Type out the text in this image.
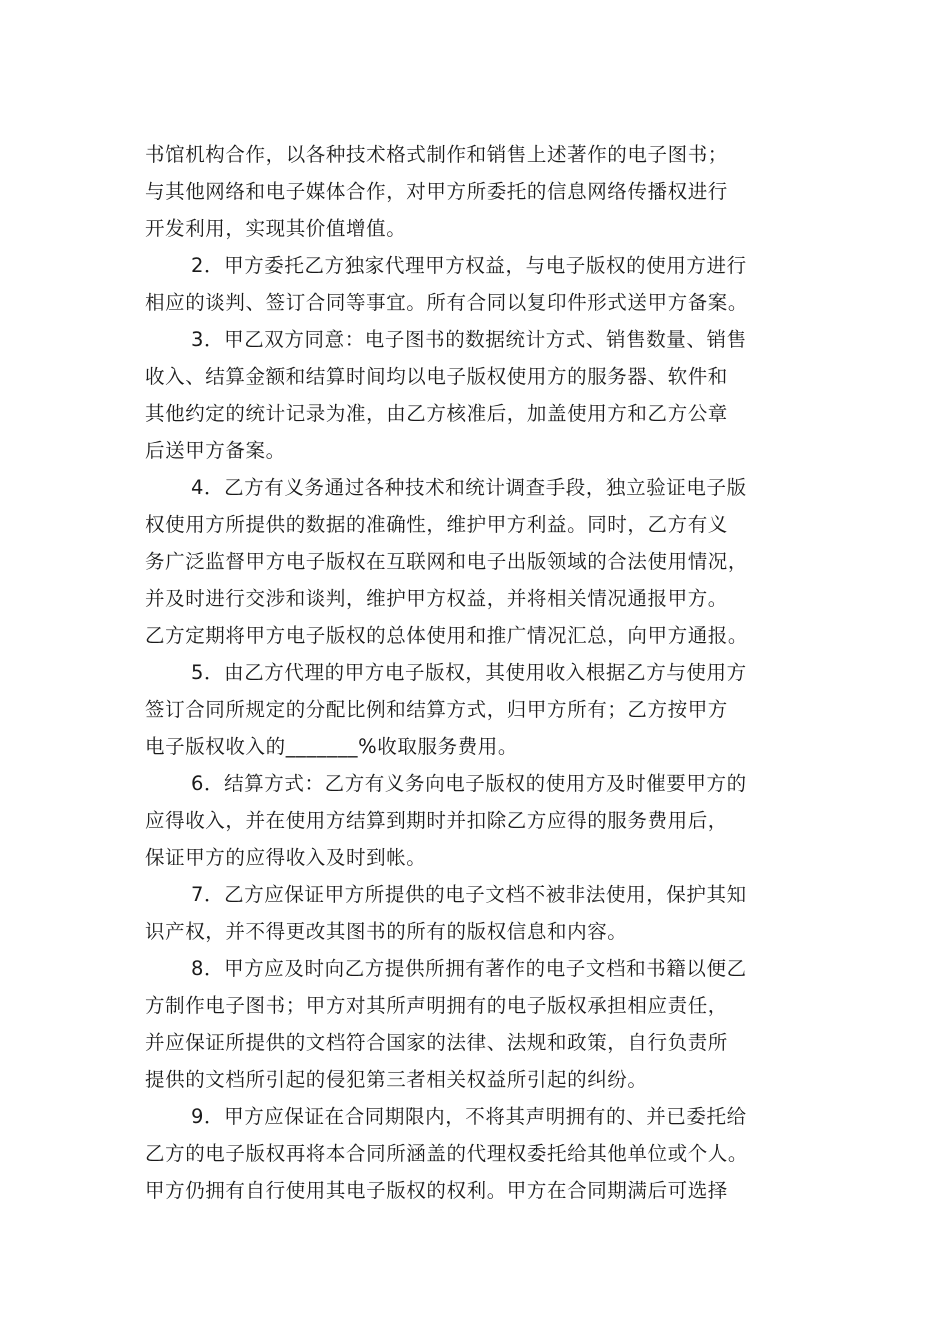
书馆机构合作，以各种技术格式制作和销售上述著作的电子图书；
与其他网络和电子媒体合作，对甲方所委托的信息网络传播权进行
开发利用，实现其价值增值。
2．甲方委托乙方独家代理甲方权益，与电子版权的使用方进行
相应的谈判、签订合同等事宜。所有合同以复印件形式送甲方备案。
3．甲乙双方同意：电子图书的数据统计方式、销售数量、销售
收入、结算金额和结算时间均以电子版权使用方的服务器、软件和
其他约定的统计记录为准，由乙方核准后，加盖使用方和乙方公章
后送甲方备案。
4．乙方有义务通过各种技术和统计调查手段，独立验证电子版
权使用方所提供的数据的准确性，维护甲方利益。同时，乙方有义
务广泛监督甲方电子版权在互联网和电子出版领域的合法使用情况，
并及时进行交涉和谈判，维护甲方权益，并将相关情况通报甲方。
乙方定期将甲方电子版权的总体使用和推广情况汇总，向甲方通报。
5．由乙方代理的甲方电子版权，其使用收入根据乙方与使用方
签订合同所规定的分配比例和结算方式，归甲方所有；乙方按甲方
电子版权收入的_______%收取服务费用。
6．结算方式：乙方有义务向电子版权的使用方及时催要甲方的
应得收入，并在使用方结算到期时并扣除乙方应得的服务费用后，
保证甲方的应得收入及时到帐。
7．乙方应保证甲方所提供的电子文档不被非法使用，保护其知
识产权，并不得更改其图书的所有的版权信息和内容。
8．甲方应及时向乙方提供所拥有著作的电子文档和书籍以便乙
方制作电子图书；甲方对其所声明拥有的电子版权承担相应责任，
并应保证所提供的文档符合国家的法律、法规和政策，自行负责所
提供的文档所引起的侵犯第三者相关权益所引起的纠纷。
9．甲方应保证在合同期限内，不将其声明拥有的、并已委托给
乙方的电子版权再将本合同所涵盖的代理权委托给其他单位或个人。
甲方仍拥有自行使用其电子版权的权利。甲方在合同期满后可选择
